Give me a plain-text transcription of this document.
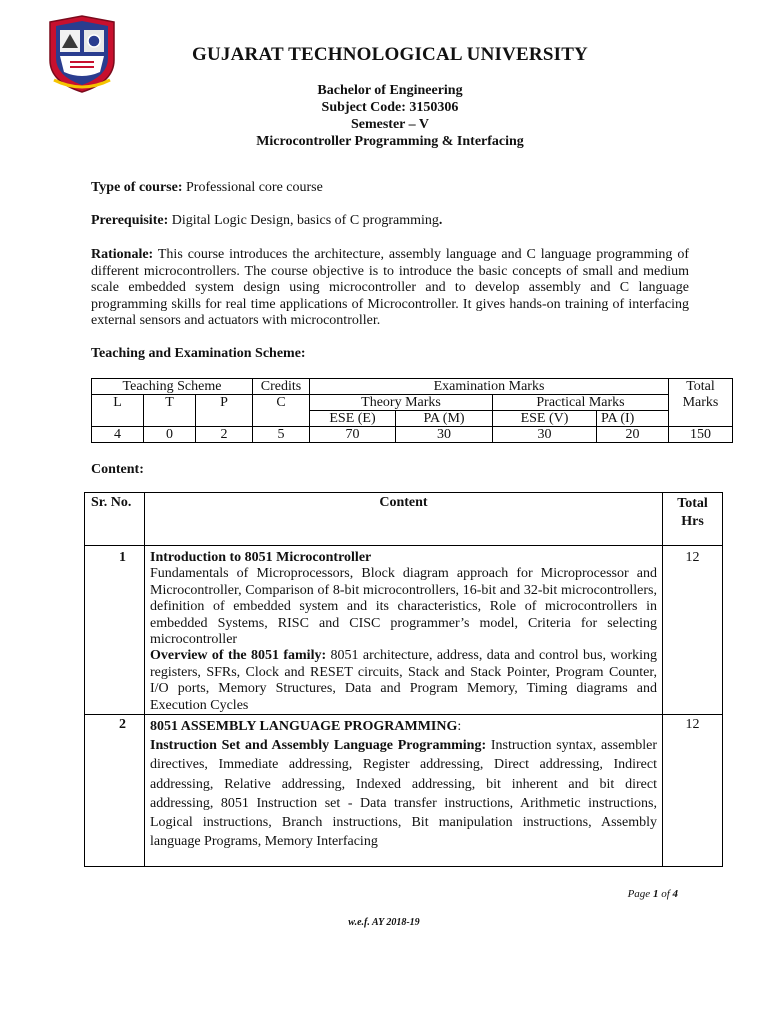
GUJARAT TECHNOLOGICAL UNIVERSITY
Bachelor of Engineering
Subject Code: 3150306
Semester – V
Microcontroller Programming & Interfacing
Type of course: Professional core course
Prerequisite: Digital Logic Design, basics of C programming.
Rationale: This course introduces the architecture, assembly language and C language programming of different microcontrollers. The course objective is to introduce the basic concepts of small and medium scale embedded system design using microcontroller and to develop assembly and C language programming skills for real time applications of Microcontroller. It gives hands-on training of interfacing external sensors and actuators with microcontroller.
Teaching and Examination Scheme:
Teaching Scheme			Credits	Examination Marks				Total
Marks

L	T	P	C	Theory Marks		Practical Marks		
				ESE (E)	PA (M)	ESE (V)	PA (I)	
4	0	2	5	70	30	30	20	150
Content:
Sr. No.	Content	Total
Hrs

1	Introduction to 8051 Microcontroller
Fundamentals of Microprocessors, Block diagram approach for Microprocessor and Microcontroller, Comparison of 8-bit microcontrollers, 16-bit and 32-bit microcontrollers, definition of embedded system and its characteristics, Role of microcontrollers in embedded Systems, RISC and CISC programmer’s model, Criteria for selecting microcontroller
Overview of the 8051 family: 8051 architecture, address, data and control bus, working registers, SFRs, Clock and RESET circuits, Stack and Stack Pointer, Program Counter, I/O ports, Memory Structures, Data and Program Memory, Timing diagrams and Execution Cycles	12
2	8051 ASSEMBLY LANGUAGE PROGRAMMING:
Instruction Set and Assembly Language Programming: Instruction syntax, assembler directives, Immediate addressing, Register addressing, Direct addressing, Indirect addressing, Relative addressing, Indexed addressing, bit inherent and bit direct addressing, 8051 Instruction set - Data transfer instructions, Arithmetic instructions, Logical instructions, Branch instructions, Bit manipulation instructions, Assembly language Programs, Memory Interfacing	12
Page 1 of 4
w.e.f. AY 2018-19
